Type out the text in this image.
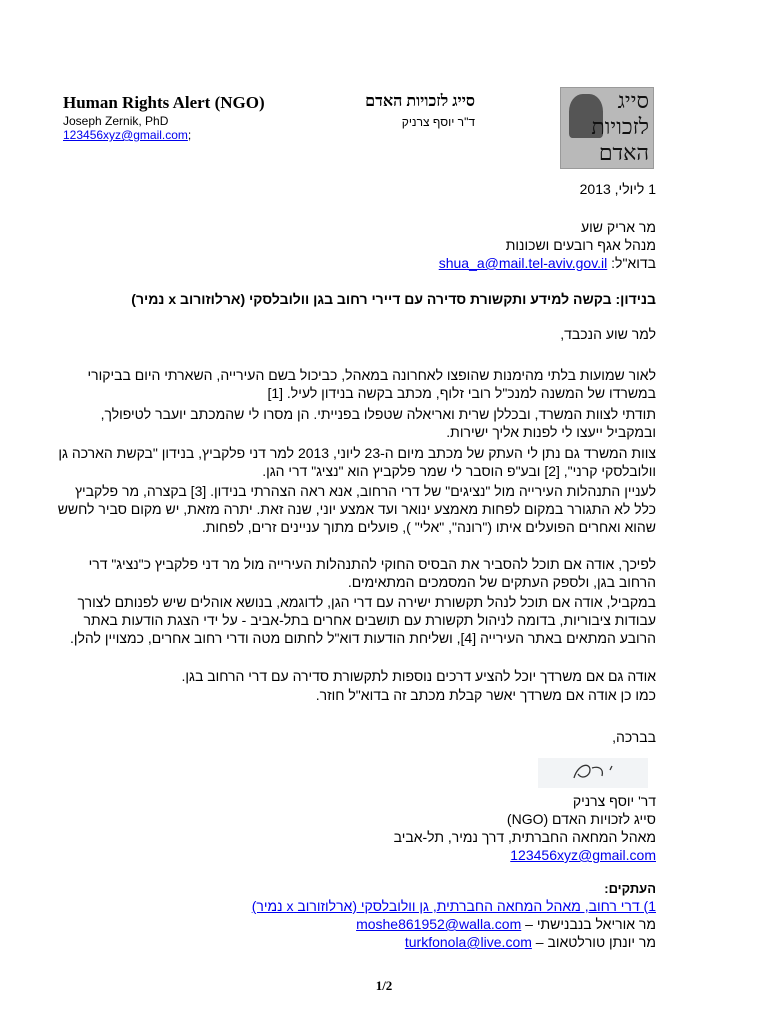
Human Rights Alert (NGO)
Joseph Zernik, PhD
123456xyz@gmail.com;
סייג לזכויות האדם
ד"ר יוסף צרניק
סייג לזכויות האדם
1 ליולי, 2013
מר אריק שוע
מנהל אגף רובעים ושכונות
בדוא"ל: shua_a@mail.tel-aviv.gov.il
בנידון: בקשה למידע ותקשורת סדירה עם דיירי רחוב בגן וולובלסקי (ארלוזורוב x נמיר)
למר שוע הנכבד,
לאור שמועות בלתי מהימנות שהופצו לאחרונה במאהל, כביכול בשם העירייה, השארתי היום בביקורי במשרדו של המשנה למנכ"ל רובי זלוף, מכתב בקשה בנידון לעיל. [1]
תודתי לצוות המשרד, ובכללן שרית ואריאלה שטפלו בפנייתי. הן מסרו לי שהמכתב יועבר לטיפולך, ובמקביל ייעצו לי לפנות אליך ישירות.
צוות המשרד גם נתן לי העתק של מכתב מיום ה-23 ליוני, 2013 למר דני פלקביץ, בנידון "בקשת הארכה גן וולובלסקי קרני", [2] ובע"פ הוסבר לי שמר פלקביץ הוא "נציג" דרי הגן.
לעניין התנהלות העירייה מול "נציגים" של דרי הרחוב, אנא ראה הצהרתי בנידון. [3] בקצרה, מר פלקביץ כלל לא התגורר במקום לפחות מאמצע ינואר ועד אמצע יוני, שנה זאת. יתרה מזאת, יש מקום סביר לחשש שהוא ואחרים הפועלים איתו ("רונה", "אלי" ), פועלים מתוך עניינים זרים, לפחות.
לפיכך, אודה אם תוכל להסביר את הבסיס החוקי להתנהלות העירייה מול מר דני פלקביץ כ"נציג" דרי הרחוב בגן, ולספק העתקים של המסמכים המתאימים.
במקביל, אודה אם תוכל לנהל תקשורת ישירה עם דרי הגן, לדוגמא, בנושא אוהלים שיש לפנותם לצורך עבודות ציבוריות, בדומה לניהול תקשורת עם תושבים אחרים בתל-אביב - על ידי הצגת הודעות באתר הרובע המתאים באתר העירייה [4], ושליחת הודעות דוא"ל לחתום מטה ודרי רחוב אחרים, כמצויין להלן.
אודה גם אם משרדך יוכל להציע דרכים נוספות לתקשורת סדירה עם דרי הרחוב בגן.
כמו כן אודה אם משרדך יאשר קבלת מכתב זה בדוא"ל חוזר.
בברכה,
דר' יוסף צרניק
סייג לזכויות האדם (NGO)
מאהל המחאה החברתית, דרך נמיר, תל-אביב
123456xyz@gmail.com
העתקים:
1) דרי רחוב, מאהל המחאה החברתית, גן וולובלסקי (ארלוזורוב x נמיר)
מר אוריאל בנבנישתי – moshe861952@walla.com
מר יונתן טורלטאוב – turkfonola@live.com
1/2
